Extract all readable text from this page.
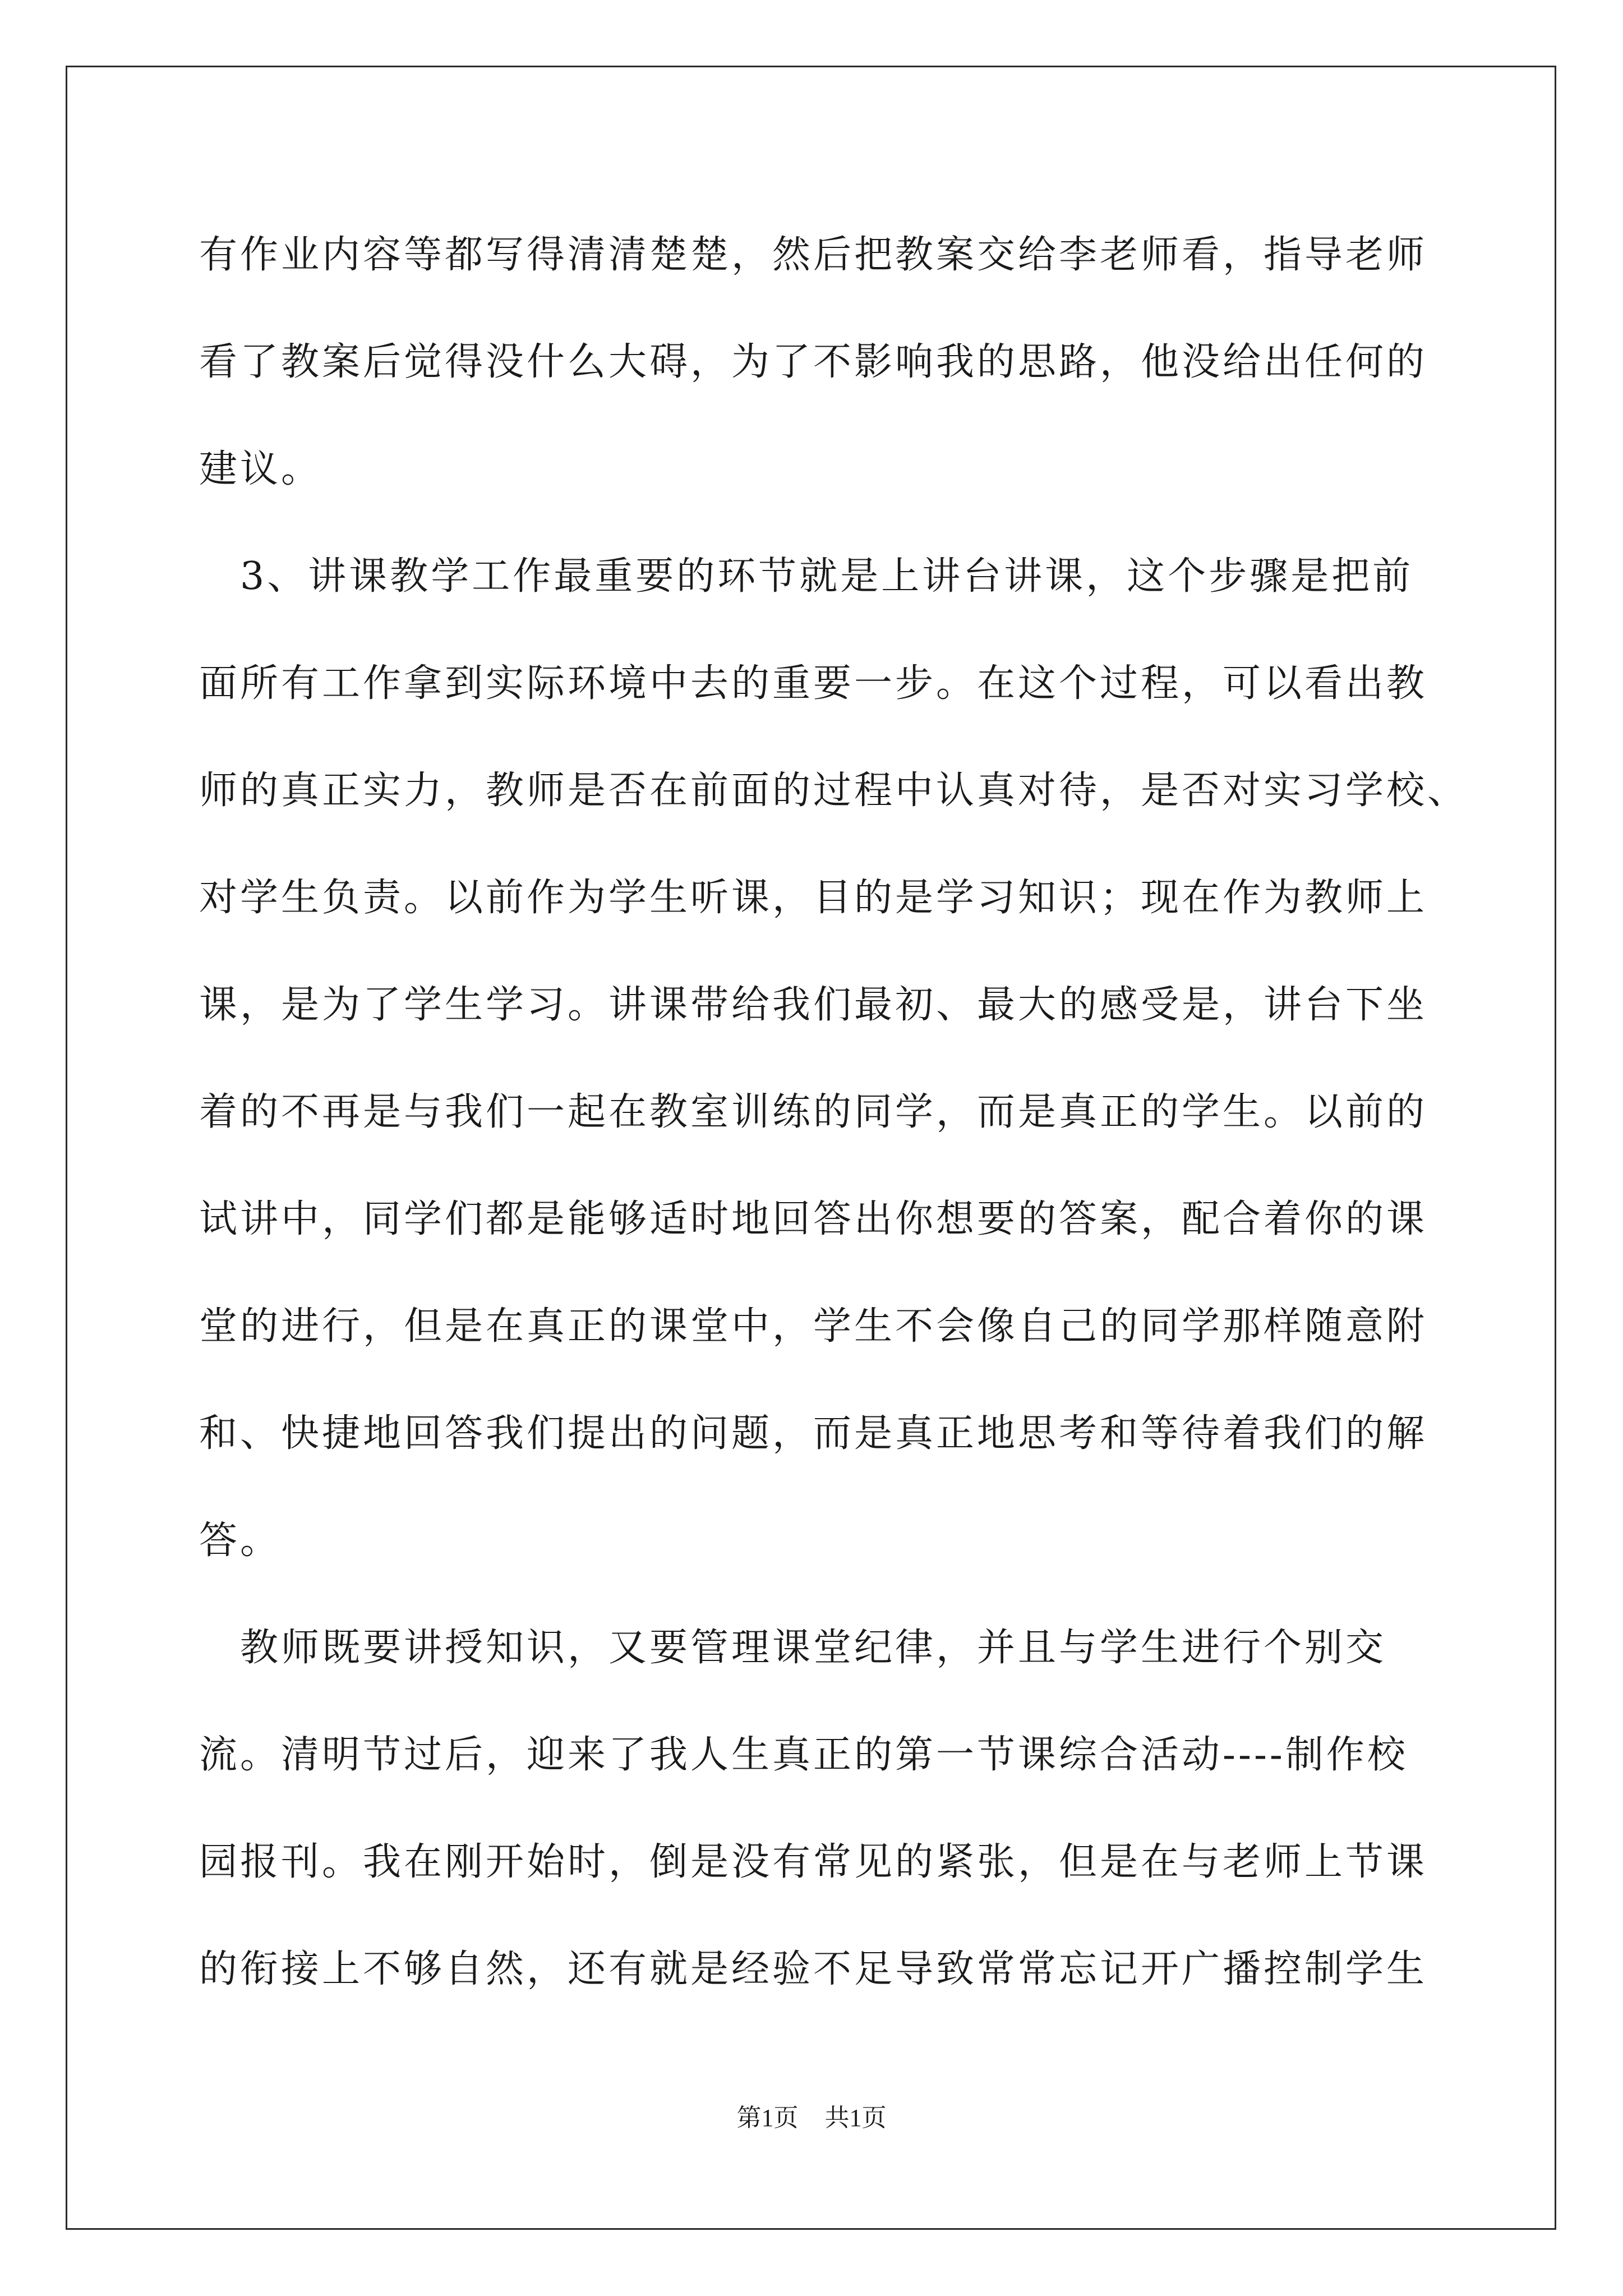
有作业内容等都写得清清楚楚，然后把教案交给李老师看，指导老师
看了教案后觉得没什么大碍，为了不影响我的思路，他没给出任何的
建议。
　3、讲课教学工作最重要的环节就是上讲台讲课，这个步骤是把前
面所有工作拿到实际环境中去的重要一步。在这个过程，可以看出教
师的真正实力，教师是否在前面的过程中认真对待，是否对实习学校、
对学生负责。以前作为学生听课，目的是学习知识；现在作为教师上
课，是为了学生学习。讲课带给我们最初、最大的感受是，讲台下坐
着的不再是与我们一起在教室训练的同学，而是真正的学生。以前的
试讲中，同学们都是能够适时地回答出你想要的答案，配合着你的课
堂的进行，但是在真正的课堂中，学生不会像自己的同学那样随意附
和、快捷地回答我们提出的问题，而是真正地思考和等待着我们的解
答。
　教师既要讲授知识，又要管理课堂纪律，并且与学生进行个别交
流。清明节过后，迎来了我人生真正的第一节课综合活动----制作校
园报刊。我在刚开始时，倒是没有常见的紧张，但是在与老师上节课
的衔接上不够自然，还有就是经验不足导致常常忘记开广播控制学生
第1页 共1页
